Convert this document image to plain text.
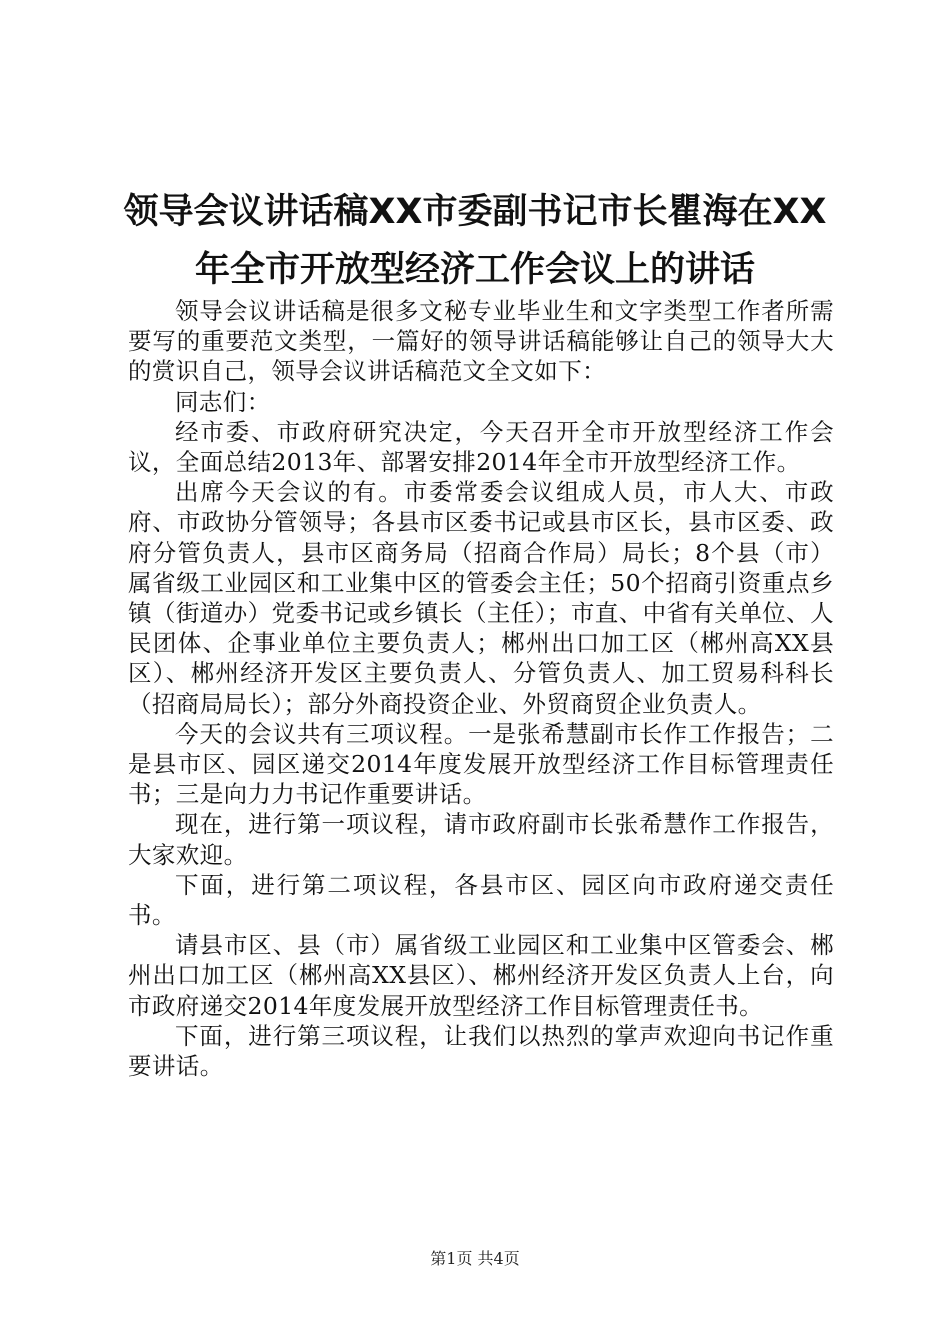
领导会议讲话稿XX市委副书记市长瞿海在XX年全市开放型经济工作会议上的讲话

领导会议讲话稿是很多文秘专业毕业生和文字类型工作者所需要写的重要范文类型，一篇好的领导讲话稿能够让自己的领导大大的赏识自己，领导会议讲话稿范文全文如下：

同志们：

经市委、市政府研究决定，今天召开全市开放型经济工作会议，全面总结2013年、部署安排2014年全市开放型经济工作。

出席今天会议的有。市委常委会议组成人员，市人大、市政府、市政协分管领导；各县市区委书记或县市区长，县市区委、政府分管负责人，县市区商务局（招商合作局）局长；8个县（市）属省级工业园区和工业集中区的管委会主任；50个招商引资重点乡镇（街道办）党委书记或乡镇长（主任）；市直、中省有关单位、人民团体、企事业单位主要负责人；郴州出口加工区（郴州高XX县区）、郴州经济开发区主要负责人、分管负责人、加工贸易科科长（招商局局长）；部分外商投资企业、外贸商贸企业负责人。

今天的会议共有三项议程。一是张希慧副市长作工作报告；二是县市区、园区递交2014年度发展开放型经济工作目标管理责任书；三是向力力书记作重要讲话。

现在，进行第一项议程，请市政府副市长张希慧作工作报告，大家欢迎。

下面，进行第二项议程，各县市区、园区向市政府递交责任书。

请县市区、县（市）属省级工业园区和工业集中区管委会、郴州出口加工区（郴州高XX县区）、郴州经济开发区负责人上台，向市政府递交2014年度发展开放型经济工作目标管理责任书。

下面，进行第三项议程，让我们以热烈的掌声欢迎向书记作重要讲话。

第1页 共4页
